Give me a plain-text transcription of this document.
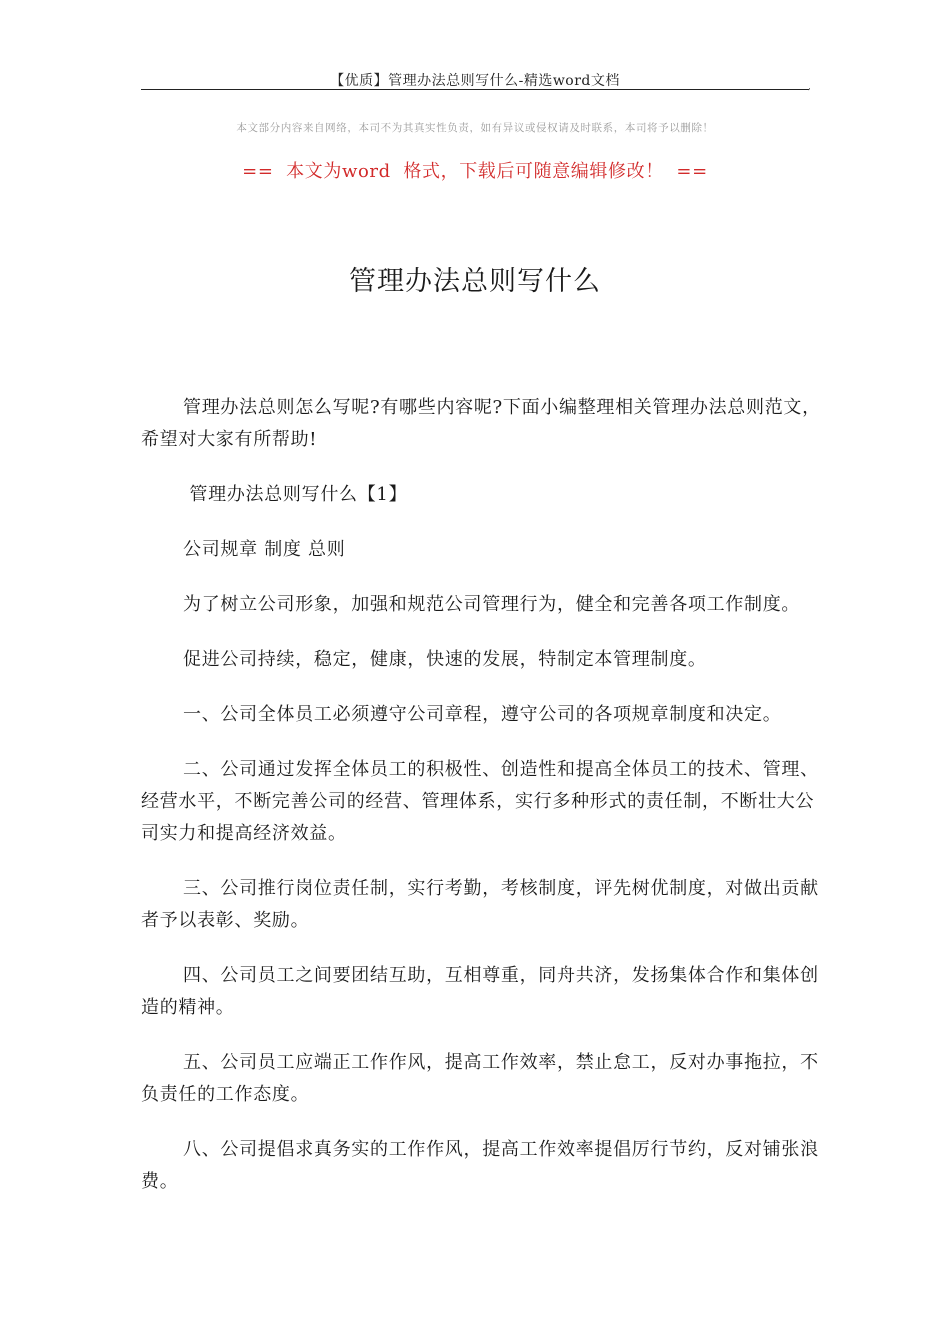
【优质】管理办法总则写什么-精选word文档	,
本文部分内容来自网络，本司不为其真实性负责，如有异议或侵权请及时联系，本司将予以删除！
==  本文为word  格式，下载后可随意编辑修改！  ==
管理办法总则写什么

管理办法总则怎么写呢?有哪些内容呢?下面小编整理相关管理办法总则范文，希望对大家有所帮助!

管理办法总则写什么【1】

公司规章 制度 总则

为了树立公司形象，加强和规范公司管理行为，健全和完善各项工作制度。

促进公司持续，稳定，健康，快速的发展，特制定本管理制度。

一、公司全体员工必须遵守公司章程，遵守公司的各项规章制度和决定。

二、公司通过发挥全体员工的积极性、创造性和提高全体员工的技术、管理、经营水平，不断完善公司的经营、管理体系，实行多种形式的责任制，不断壮大公司实力和提高经济效益。

三、公司推行岗位责任制，实行考勤，考核制度，评先树优制度，对做出贡献者予以表彰、奖励。

四、公司员工之间要团结互助，互相尊重，同舟共济，发扬集体合作和集体创造的精神。

五、公司员工应端正工作作风，提高工作效率，禁止怠工，反对办事拖拉，不负责任的工作态度。

八、公司提倡求真务实的工作作风，提高工作效率提倡厉行节约，反对铺张浪费。
